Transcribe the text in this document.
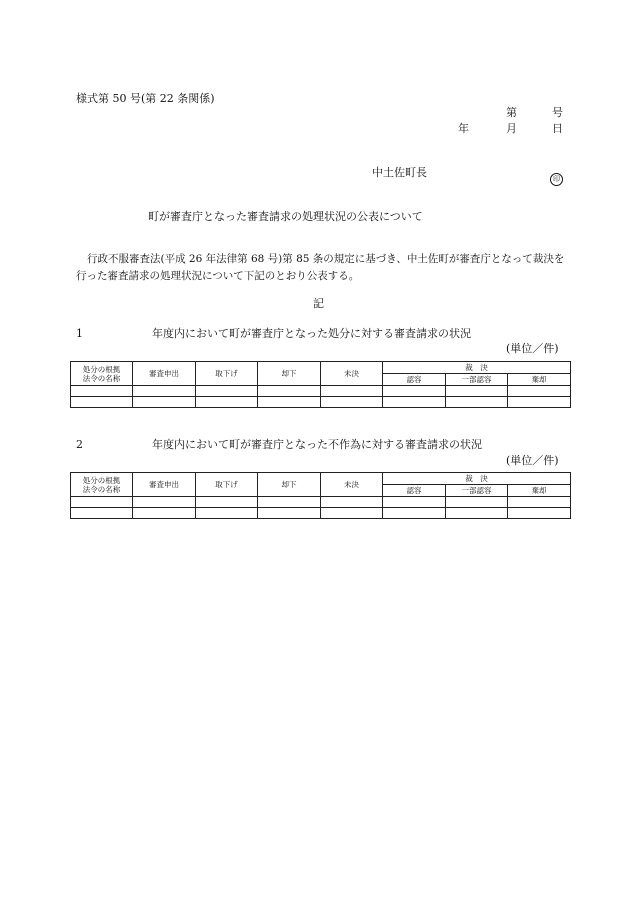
様式第 50 号(第 22 条関係)
第	号
年	月	日
中土佐町長	印
町が審査庁となった審査請求の処理状況の公表について
行政不服審査法(平成 26 年法律第 68 号)第 85 条の規定に基づき、中土佐町が審査庁となって裁決を行った審査請求の処理状況について下記のとおり公表する。
記
1	年度内において町が審査庁となった処分に対する審査請求の状況
(単位／件)
処分の根拠
法令の名称	審査申出	取下げ	却下	未決	裁　決		
					認容	一部認容	棄却

2	年度内において町が審査庁となった不作為に対する審査請求の状況
(単位／件)
処分の根拠
法令の名称	審査申出	取下げ	却下	未決	裁　決		
					認容	一部認容	棄却
